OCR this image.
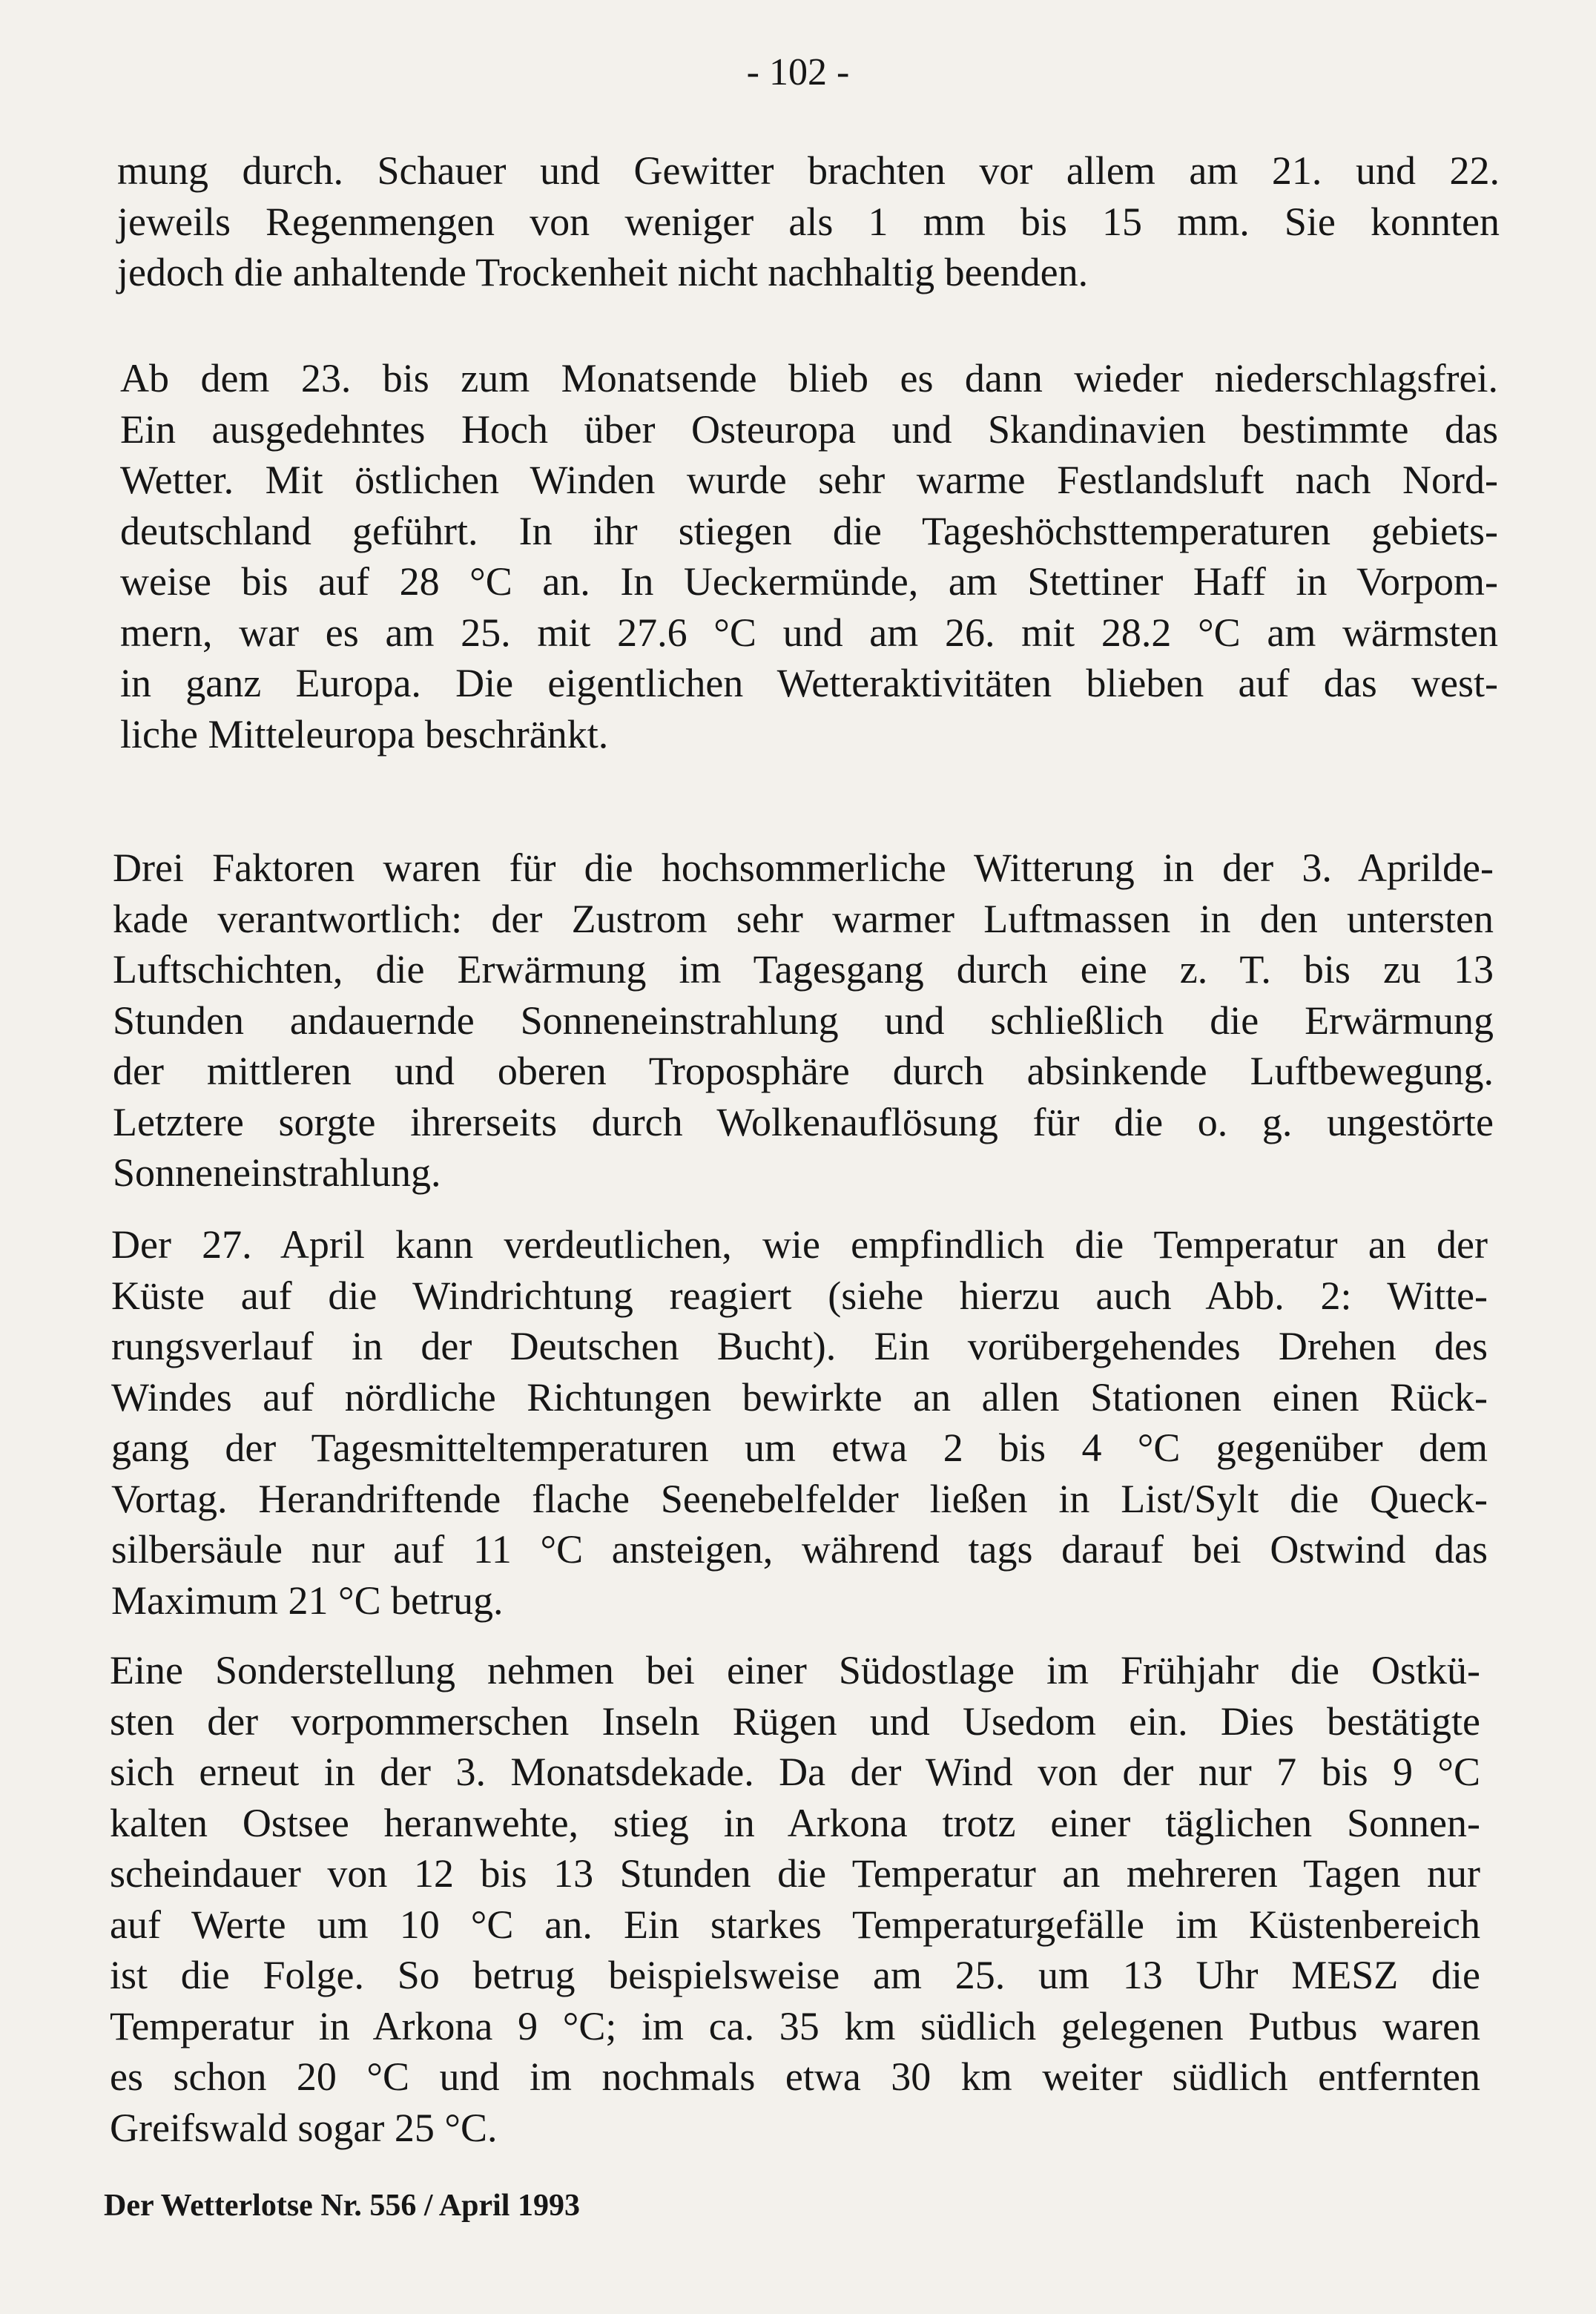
- 102 -

mung durch. Schauer und Gewitter brachten vor allem am 21. und 22.
jeweils Regenmengen von weniger als 1 mm bis 15 mm. Sie konnten
jedoch die anhaltende Trockenheit nicht nachhaltig beenden.

Ab dem 23. bis zum Monatsende blieb es dann wieder niederschlagsfrei.
Ein ausgedehntes Hoch über Osteuropa und Skandinavien bestimmte das
Wetter. Mit östlichen Winden wurde sehr warme Festlandsluft nach Nord-
deutschland geführt. In ihr stiegen die Tageshöchsttemperaturen gebiets-
weise bis auf 28 °C an. In Ueckermünde, am Stettiner Haff in Vorpom-
mern, war es am 25. mit 27.6 °C und am 26. mit 28.2 °C am wärmsten
in ganz Europa. Die eigentlichen Wetteraktivitäten blieben auf das west-
liche Mitteleuropa beschränkt.

Drei Faktoren waren für die hochsommerliche Witterung in der 3. Aprilde-
kade verantwortlich: der Zustrom sehr warmer Luftmassen in den untersten
Luftschichten, die Erwärmung im Tagesgang durch eine z. T. bis zu 13
Stunden andauernde Sonneneinstrahlung und schließlich die Erwärmung
der mittleren und oberen Troposphäre durch absinkende Luftbewegung.
Letztere sorgte ihrerseits durch Wolkenauflösung für die o. g. ungestörte
Sonneneinstrahlung.

Der 27. April kann verdeutlichen, wie empfindlich die Temperatur an der
Küste auf die Windrichtung reagiert (siehe hierzu auch Abb. 2: Witte-
rungsverlauf in der Deutschen Bucht). Ein vorübergehendes Drehen des
Windes auf nördliche Richtungen bewirkte an allen Stationen einen Rück-
gang der Tagesmitteltemperaturen um etwa 2 bis 4 °C gegenüber dem
Vortag. Herandriftende flache Seenebelfelder ließen in List/Sylt die Queck-
silbersäule nur auf 11 °C ansteigen, während tags darauf bei Ostwind das
Maximum 21 °C betrug.

Eine Sonderstellung nehmen bei einer Südostlage im Frühjahr die Ostkü-
sten der vorpommerschen Inseln Rügen und Usedom ein. Dies bestätigte
sich erneut in der 3. Monatsdekade. Da der Wind von der nur 7 bis 9 °C
kalten Ostsee heranwehte, stieg in Arkona trotz einer täglichen Sonnen-
scheindauer von 12 bis 13 Stunden die Temperatur an mehreren Tagen nur
auf Werte um 10 °C an. Ein starkes Temperaturgefälle im Küstenbereich
ist die Folge. So betrug beispielsweise am 25. um 13 Uhr MESZ die
Temperatur in Arkona 9 °C; im ca. 35 km südlich gelegenen Putbus waren
es schon 20 °C und im nochmals etwa 30 km weiter südlich entfernten
Greifswald sogar 25 °C.

Der Wetterlotse Nr. 556 / April 1993
